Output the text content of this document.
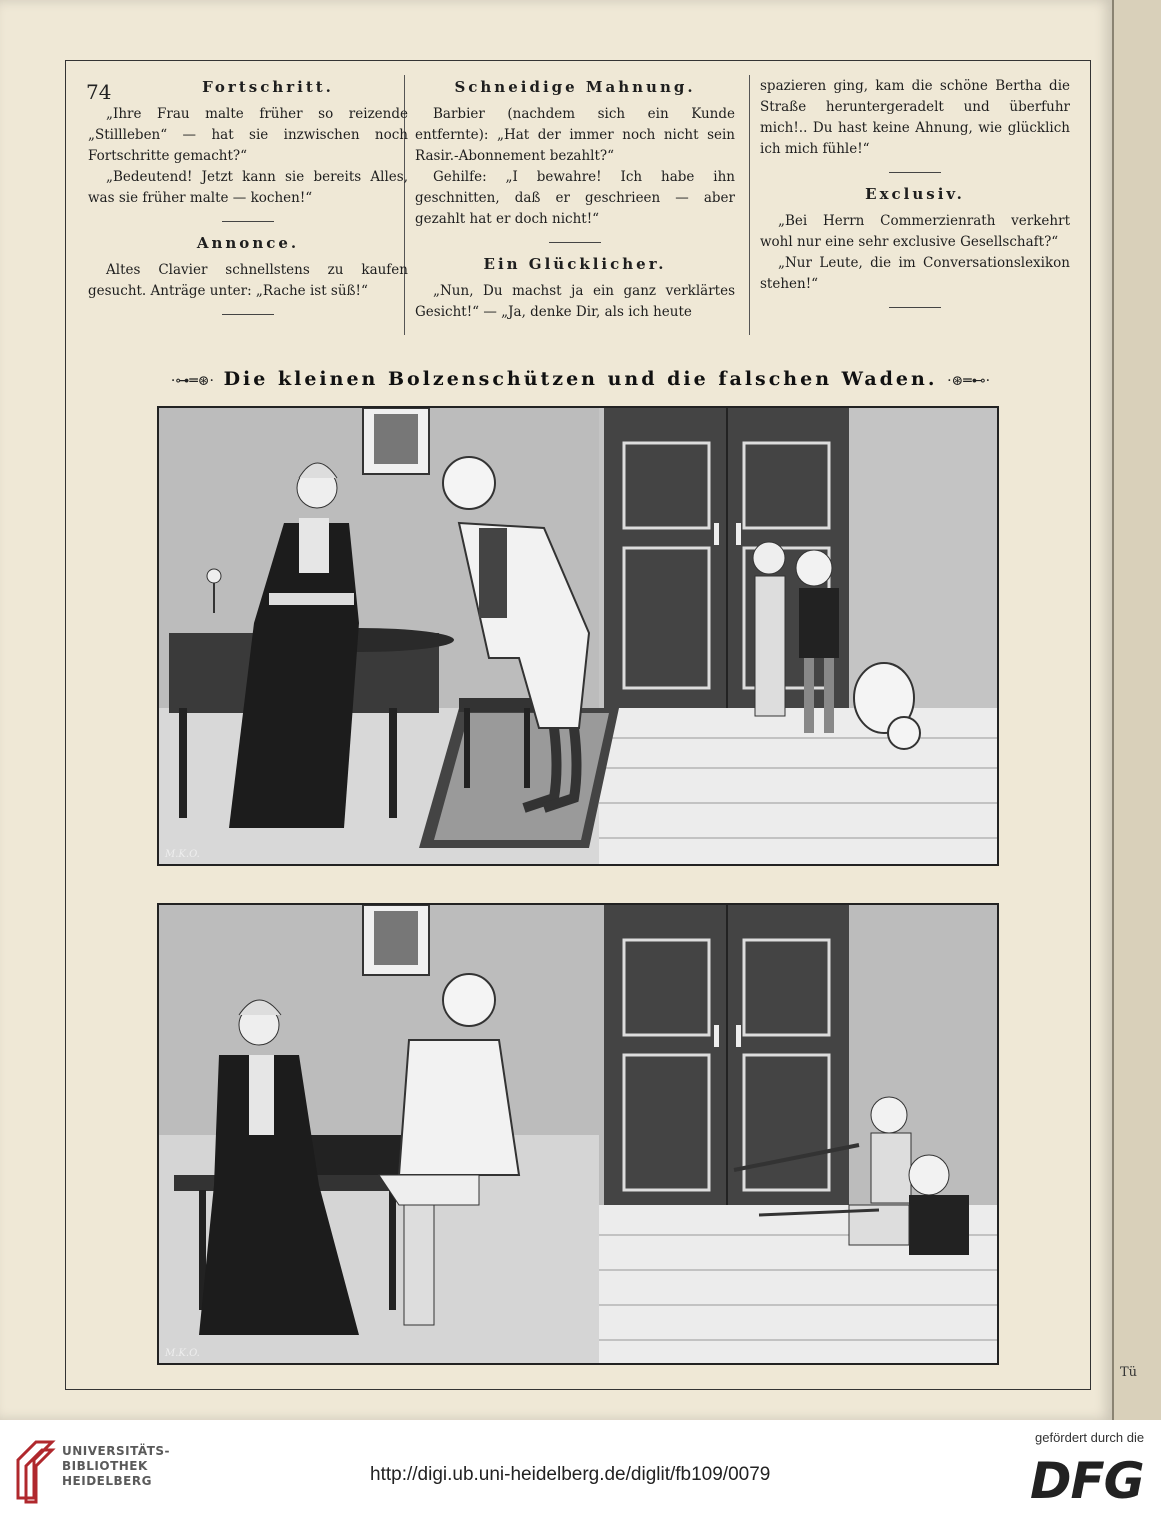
74	Fortschritt.

„Ihre Frau malte früher so reizende „Stillleben“ — hat sie inzwischen noch Fortschritte gemacht?“

„Bedeutend! Jetzt kann sie bereits Alles, was sie früher malte — kochen!“

Annonce.

Altes Clavier schnellstens zu kaufen gesucht. Anträge unter: „Rache ist süß!“

Schneidige Mahnung.

Barbier (nachdem sich ein Kunde entfernte): „Hat der immer noch nicht sein Rasir.-Abonnement bezahlt?“

Gehilfe: „I bewahre! Ich habe ihn geschnitten, daß er geschrieen — aber gezahlt hat er doch nicht!“

Ein Glücklicher.

„Nun, Du machst ja ein ganz verklärtes Gesicht!“ — „Ja, denke Dir, als ich heute

spazieren ging, kam die schöne Bertha die Straße heruntergeradelt und überfuhr mich!.. Du hast keine Ahnung, wie glücklich ich mich fühle!“

Exclusiv.

„Bei Herrn Commerzienrath verkehrt wohl nur eine sehr exclusive Gesellschaft?“

„Nur Leute, die im Conversationslexikon stehen!“

·⊶═⊛· Die kleinen Bolzenschützen und die falschen Waden. ·⊛═⊷·
M.K.O.
M.K.O.
Tü
UNIVERSITÄTS-
BIBLIOTHEK
HEIDELBERG	http://digi.ub.uni-heidelberg.de/diglit/fb109/0079
gefördert durch die
DFG
